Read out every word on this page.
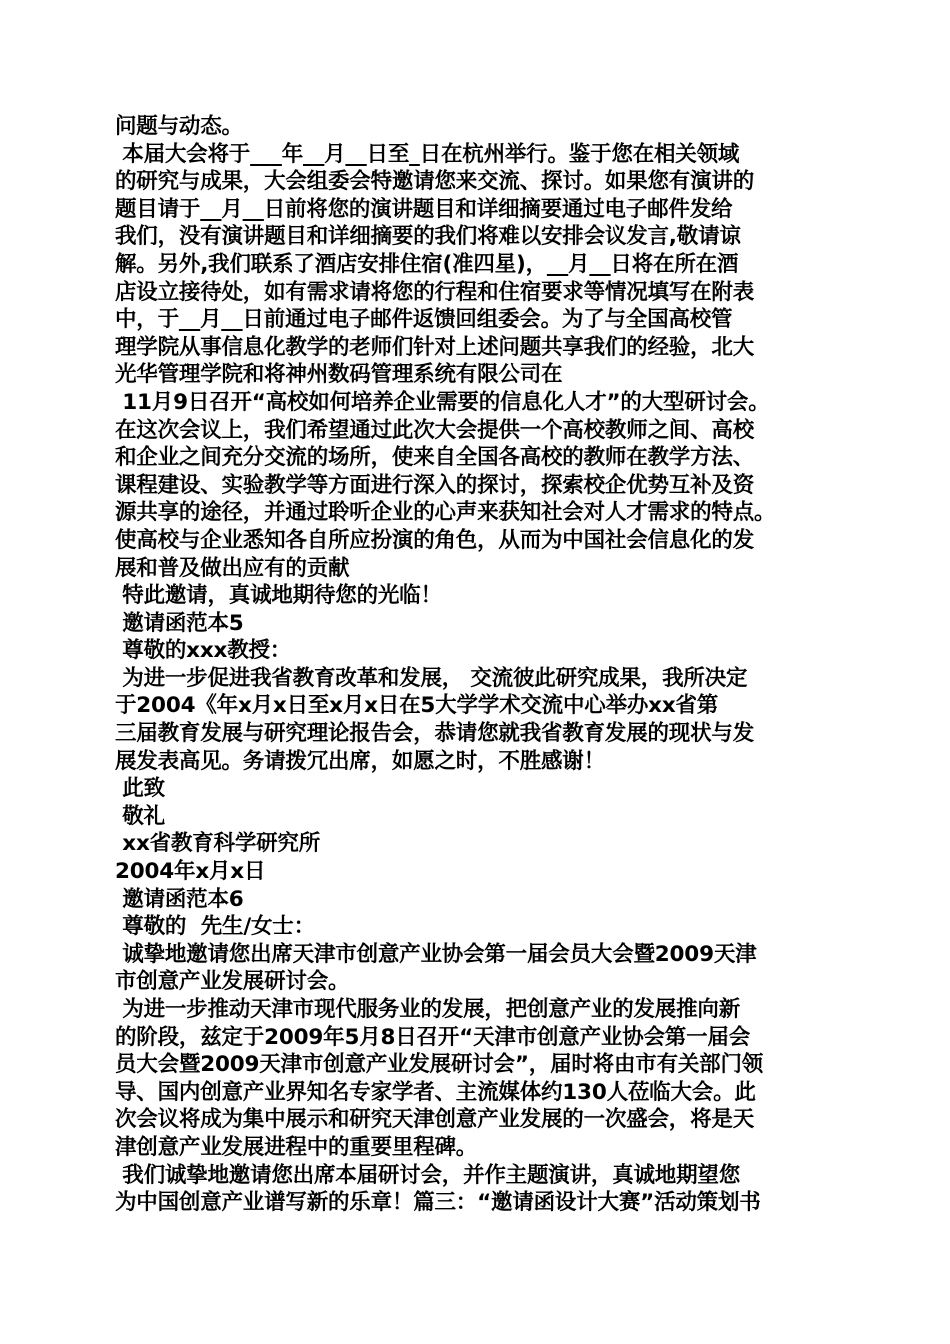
问题与动态。
本届大会将于___年__月__日至_日在杭州举行。鉴于您在相关领域
的研究与成果，大会组委会特邀请您来交流、探讨。如果您有演讲的
题目请于__月__日前将您的演讲题目和详细摘要通过电子邮件发给
我们，没有演讲题目和详细摘要的我们将难以安排会议发言,敬请谅
解。另外,我们联系了酒店安排住宿(准四星)，__月__日将在所在酒
店设立接待处，如有需求请将您的行程和住宿要求等情况填写在附表
中，于__月__日前通过电子邮件返馈回组委会。为了与全国高校管
理学院从事信息化教学的老师们针对上述问题共享我们的经验，北大
光华管理学院和将神州数码管理系统有限公司在
11月9日召开“高校如何培养企业需要的信息化人才”的大型研讨会。
在这次会议上，我们希望通过此次大会提供一个高校教师之间、高校
和企业之间充分交流的场所，使来自全国各高校的教师在教学方法、
课程建设、实验教学等方面进行深入的探讨，探索校企优势互补及资
源共享的途径，并通过聆听企业的心声来获知社会对人才需求的特点。
使高校与企业悉知各自所应扮演的角色，从而为中国社会信息化的发
展和普及做出应有的贡献
特此邀请，真诚地期待您的光临！
邀请函范本5
尊敬的xxx教授：
为进一步促进我省教育改革和发展， 交流彼此研究成果，我所决定
于2004《年x月x日至x月x日在5大学学术交流中心举办xx省第
三届教育发展与研究理论报告会，恭请您就我省教育发展的现状与发
展发表高见。务请拨冗出席，如愿之时，不胜感谢！
此致
敬礼
xx省教育科学研究所
2004年x月x日
邀请函范本6
尊敬的  先生/女士：
诚挚地邀请您出席天津市创意产业协会第一届会员大会暨2009天津
市创意产业发展研讨会。
为进一步推动天津市现代服务业的发展，把创意产业的发展推向新
的阶段，兹定于2009年5月8日召开“天津市创意产业协会第一届会
员大会暨2009天津市创意产业发展研讨会”，届时将由市有关部门领
导、国内创意产业界知名专家学者、主流媒体约130人莅临大会。此
次会议将成为集中展示和研究天津创意产业发展的一次盛会，将是天
津创意产业发展进程中的重要里程碑。
我们诚挚地邀请您出席本届研讨会，并作主题演讲，真诚地期望您
为中国创意产业谱写新的乐章！篇三：“邀请函设计大赛”活动策划书
